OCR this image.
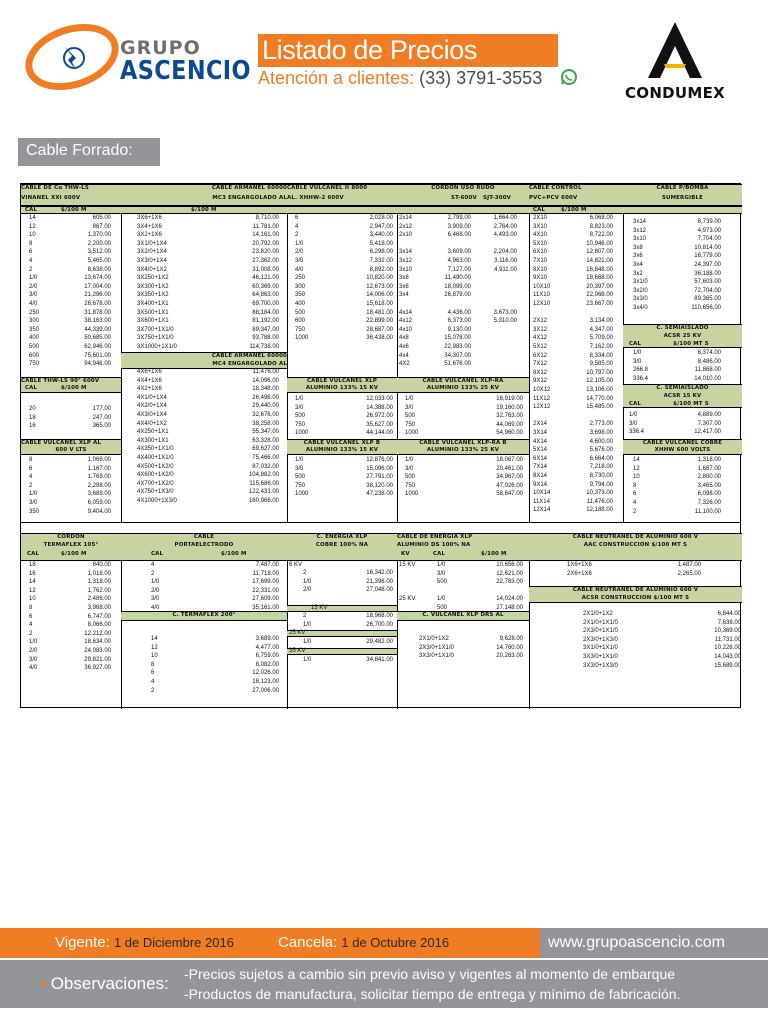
GRUPO
ASCENCIO
Listado de Precios
Atención a clientes: (33) 3791-3553
CONDUMEX
Cable Forrado:
CABLE DE Cu THW-LS
VINANEL XXI 600V
CAL	$/100 M
14	605.00
12	867.00
10	1,370.00
8	2,200.00
6	3,512.00
4	5,465.00
2	8,638.00
1/0	13,674.00
2/0	17,004.00
3/0	21,296.00
4/0	26,678.00
250	31,878.00
300	38,163.00
350	44,339.00
400	50,685.00
500	62,946.00
600	75,601.00
750	94,946.00
CABLE THW-LS 90° 600V
CAL	$/100 M
20	177.00
18	247.00
16	365.00
CABLE VULCANEL XLP AL
600 V LTS
8	1,066.00
6	1,167.00
4	1,769.00
2	2,298.00
1/0	3,689.00
3/0	6,059.00
350	9,404.00
CABLE ARMANEL 60000
MC3 ENGARGOLADO AL
$/100 M
3X6+1X6	8,710.00
3X4+1X6	11,781.00
3X2+1X6	14,161.00
3X1/0+1X4	20,792.00
3X2/0+1X4	23,820.00
3X3/0+1X4	27,362.00
3X4/0+1X2	31,008.00
3X250+1X2	46,121.00
3X300+1X2	60,369.00
3X350+1X2	64,863.00
3X400+1X1	69,700.00
3X500+1X1	88,184.00
3X600+1X1	81,192.00
3X700+1X1/0	89,347.00
3X750+1X1/0	93,788.00
3X1000+1X1/0	114,738.00
CABLE ARMANEL 60000
MC4 ENGARGOLADO AL
4X6+1X6	11,476.00
4X4+1X6	14,096.00
4X2+1X6	18,348.00
4X1/0+1X4	26,496.00
4X2/0+1X4	29,440.00
4X3/0+1X4	32,676.00
4X4/0+1X2	38,258.00
4X250+1X1	55,347.00
4X300+1X1	63,328.00
4X350+1X1/0	69,627.00
4X400+1X1/0	75,466.00
4X500+1X2/0	87,032.00
4X600+1X2/0	104,882.00
4X700+1X2/0	115,686.00
4X750+1X3/0	122,431.00
4X1000+1X3/0	160,966.00
CABLE VULCANEL II 8000
AL. XHHW-2 600V
6	2,028.00
4	2,947.00
2	3,440.00
1/0	5,418.00
2/0	6,298.00
3/0	7,332.00
4/0	8,892.00
250	10,820.00
300	12,673.00
350	14,006.00
400	15,618.00
500	18,481.00
600	22,899.00
750	28,687.00
1000	36,438.00
CABLE VULCANEL XLP
ALUMINIO 133% 15 KV
1/0	12,033.00
3/0	14,388.00
500	26,972.00
750	35,627.00
1000	44,144.00
CABLE VULCANEL XLP B
ALUMINIO 133% 15 KV
1/0	12,876.00
3/0	15,096.00
500	27,791.00
750	38,120.00
1000	47,238.00
CORDON USO RUDO
ST-600V	SJT-300V
2x14	2,799.00	1,664.00
2x12	3,909.00	2,764.00
2x10	6,468.00	4,493.00
3x14	3,609.00	2,204.00
3x12	4,963.00	3,116.00
3x10	7,127.00	4,911.00
3x8	11,490.00
3x6	18,099.00
3x4	26,879.00
4x14	4,436.00	3,673.00
4x12	6,373.00	5,310.00
4x10	9,130.00
4x8	15,078.00
4x6	22,983.00
4x4	34,307.00
4X2	51,676.00
CABLE VULCANEL XLP-RA
ALUMINIO 133% 25 KV
1/0	16,919.00
3/0	19,160.00
500	32,763.00
750	44,069.00
1000	54,960.00
CABLE VULCANEL XLP-RA B
ALUMINIO 133% 25 KV
1/0	18,067.00
3/0	20,461.00
500	34,967.00
750	47,026.00
1000	58,647.00
CABLE CONTROL
PVC+PCV 600V
CAL	$/100 M
2X10	6,068.00
3X10	8,823.00
4X10	8,722.00
5X10	10,946.00
6X10	12,807.00
7X10	14,821.00
8X10	16,848.00
9X10	18,668.00
10X10	20,397.00
11X10	22,068.00
12X10	23,667.00
2X12	3,134.00
3X12	4,347.00
4X12	5,709.00
5X12	7,162.00
6X12	8,334.00
7X12	9,585.00
8X12	10,797.00
9X12	12,105.00
10X12	13,106.00
11X12	14,770.00
12X12	15,485.00
2X14	2,773.00
3X14	3,698.00
4X14	4,600.00
5X14	5,676.00
6X14	6,664.00
7X14	7,218.00
8X14	8,730.00
9X14	9,794.00
10X14	10,373.00
11X14	11,476.00
12X14	12,188.00
CABLE P/BOMBA
SUMERGIBLE
3x14	8,739.00
3x12	4,973.00
3x10	7,704.00
3x8	10,814.00
3x6	16,779.00
3x4	24,397.00
3x2	36,188.00
3x1/0	57,603.00
3x2/0	72,704.00
3x3/0	89,365.00
3x4/0	110,656.00
C. SEMIAISLADO
ACSR 25 KV
CAL	$/100 MT S
1/0	6,374.00
3/0	8,486.00
266.8	11,868.00
336.4	14,010.00
C. SEMIAISLADO
ACSR 15 KV
CAL	$/100 MT S
1/0	4,889.00
3/0	7,307.00
336.4	12,417.00
CABLE VULCANEL COBRE
XHHW 600 VOLTS
14	1,318.00
12	1,687.00
10	2,800.00
8	3,465.00
6	6,098.00
4	7,326.00
2	11,100.00
CORDON
TERMAFLEX 105°
CAL	$/100 M
18	840.00
16	1,016.00
14	1,318.00
12	1,762.00
10	2,486.00
8	3,968.00
6	6,747.00
4	8,066.00
2	12,212.00
1/0	18,634.00
2/0	24,083.00
3/0	29,821.00
4/0	36,927.00
CABLE
PORTAELECTRODO
CAL	$/100 M
4	7,487.00
2	11,718.00
1/0	17,699.00
2/0	22,331.00
3/0	27,609.00
4/0	35,161.00
C. TERMAFLEX 200°
14	3,689.00
12	4,477.00
10	6,759.00
8	8,082.00
6	12,026.00
4	18,123.00
2	27,006.00
C. ENERGIA XLP
COBRE 100% NA
6 KV
2	16,342.00
1/0	21,396.00
2/0	27,048.00
15 KV
2	18,968.00
1/0	26,700.00
25 KV
1/0	29,482.00
35 KV
1/0	34,841.00
CABLE DE ENERGIA XLP
ALUMINIO DS 100% NA
KV	CAL	$/100 M
15 KV	1/0	10,656.00
3/0	12,621.00
500	22,783.00
25 KV	1/0	14,024.00
500	27,148.00
C. VULCANEL XLP DRS AL
2X1/0+1X2	9,628.00
2X3/0+1X1/0	14,760.00
3X3/0+1X1/0	20,263.00
CABLE NEUTRANEL DE ALUMINIO 600 V
AAC CONSTRUCCION $/100 MT S
1X6+1X6	1,487.00
2X6+1X6	2,265.00
CABLE NEUTRANEL DE ALUMINIO 600 V
ACSR CONSTRUCCION $/100 MT S
2X1/0+1X2	6,844.00
2X1/0+1X1/0	7,638.00
2X3/0+1X1/0	10,369.00
2X3/0+1X3/0	11,731.00
3X1/0+1X1/0	10,228.00
3X3/0+1X1/0	14,043.00
3X3/0+1X3/0	15,689.00
Vigente: 1 de Diciembre 2016	Cancela: 1 de Octubre 2016	www.grupoascencio.com
• Observaciones: -Precios sujetos a cambio sin previo aviso y vigentes al momento de embarque
-Productos de manufactura, solicitar tiempo de entrega y mínimo de fabricación.
